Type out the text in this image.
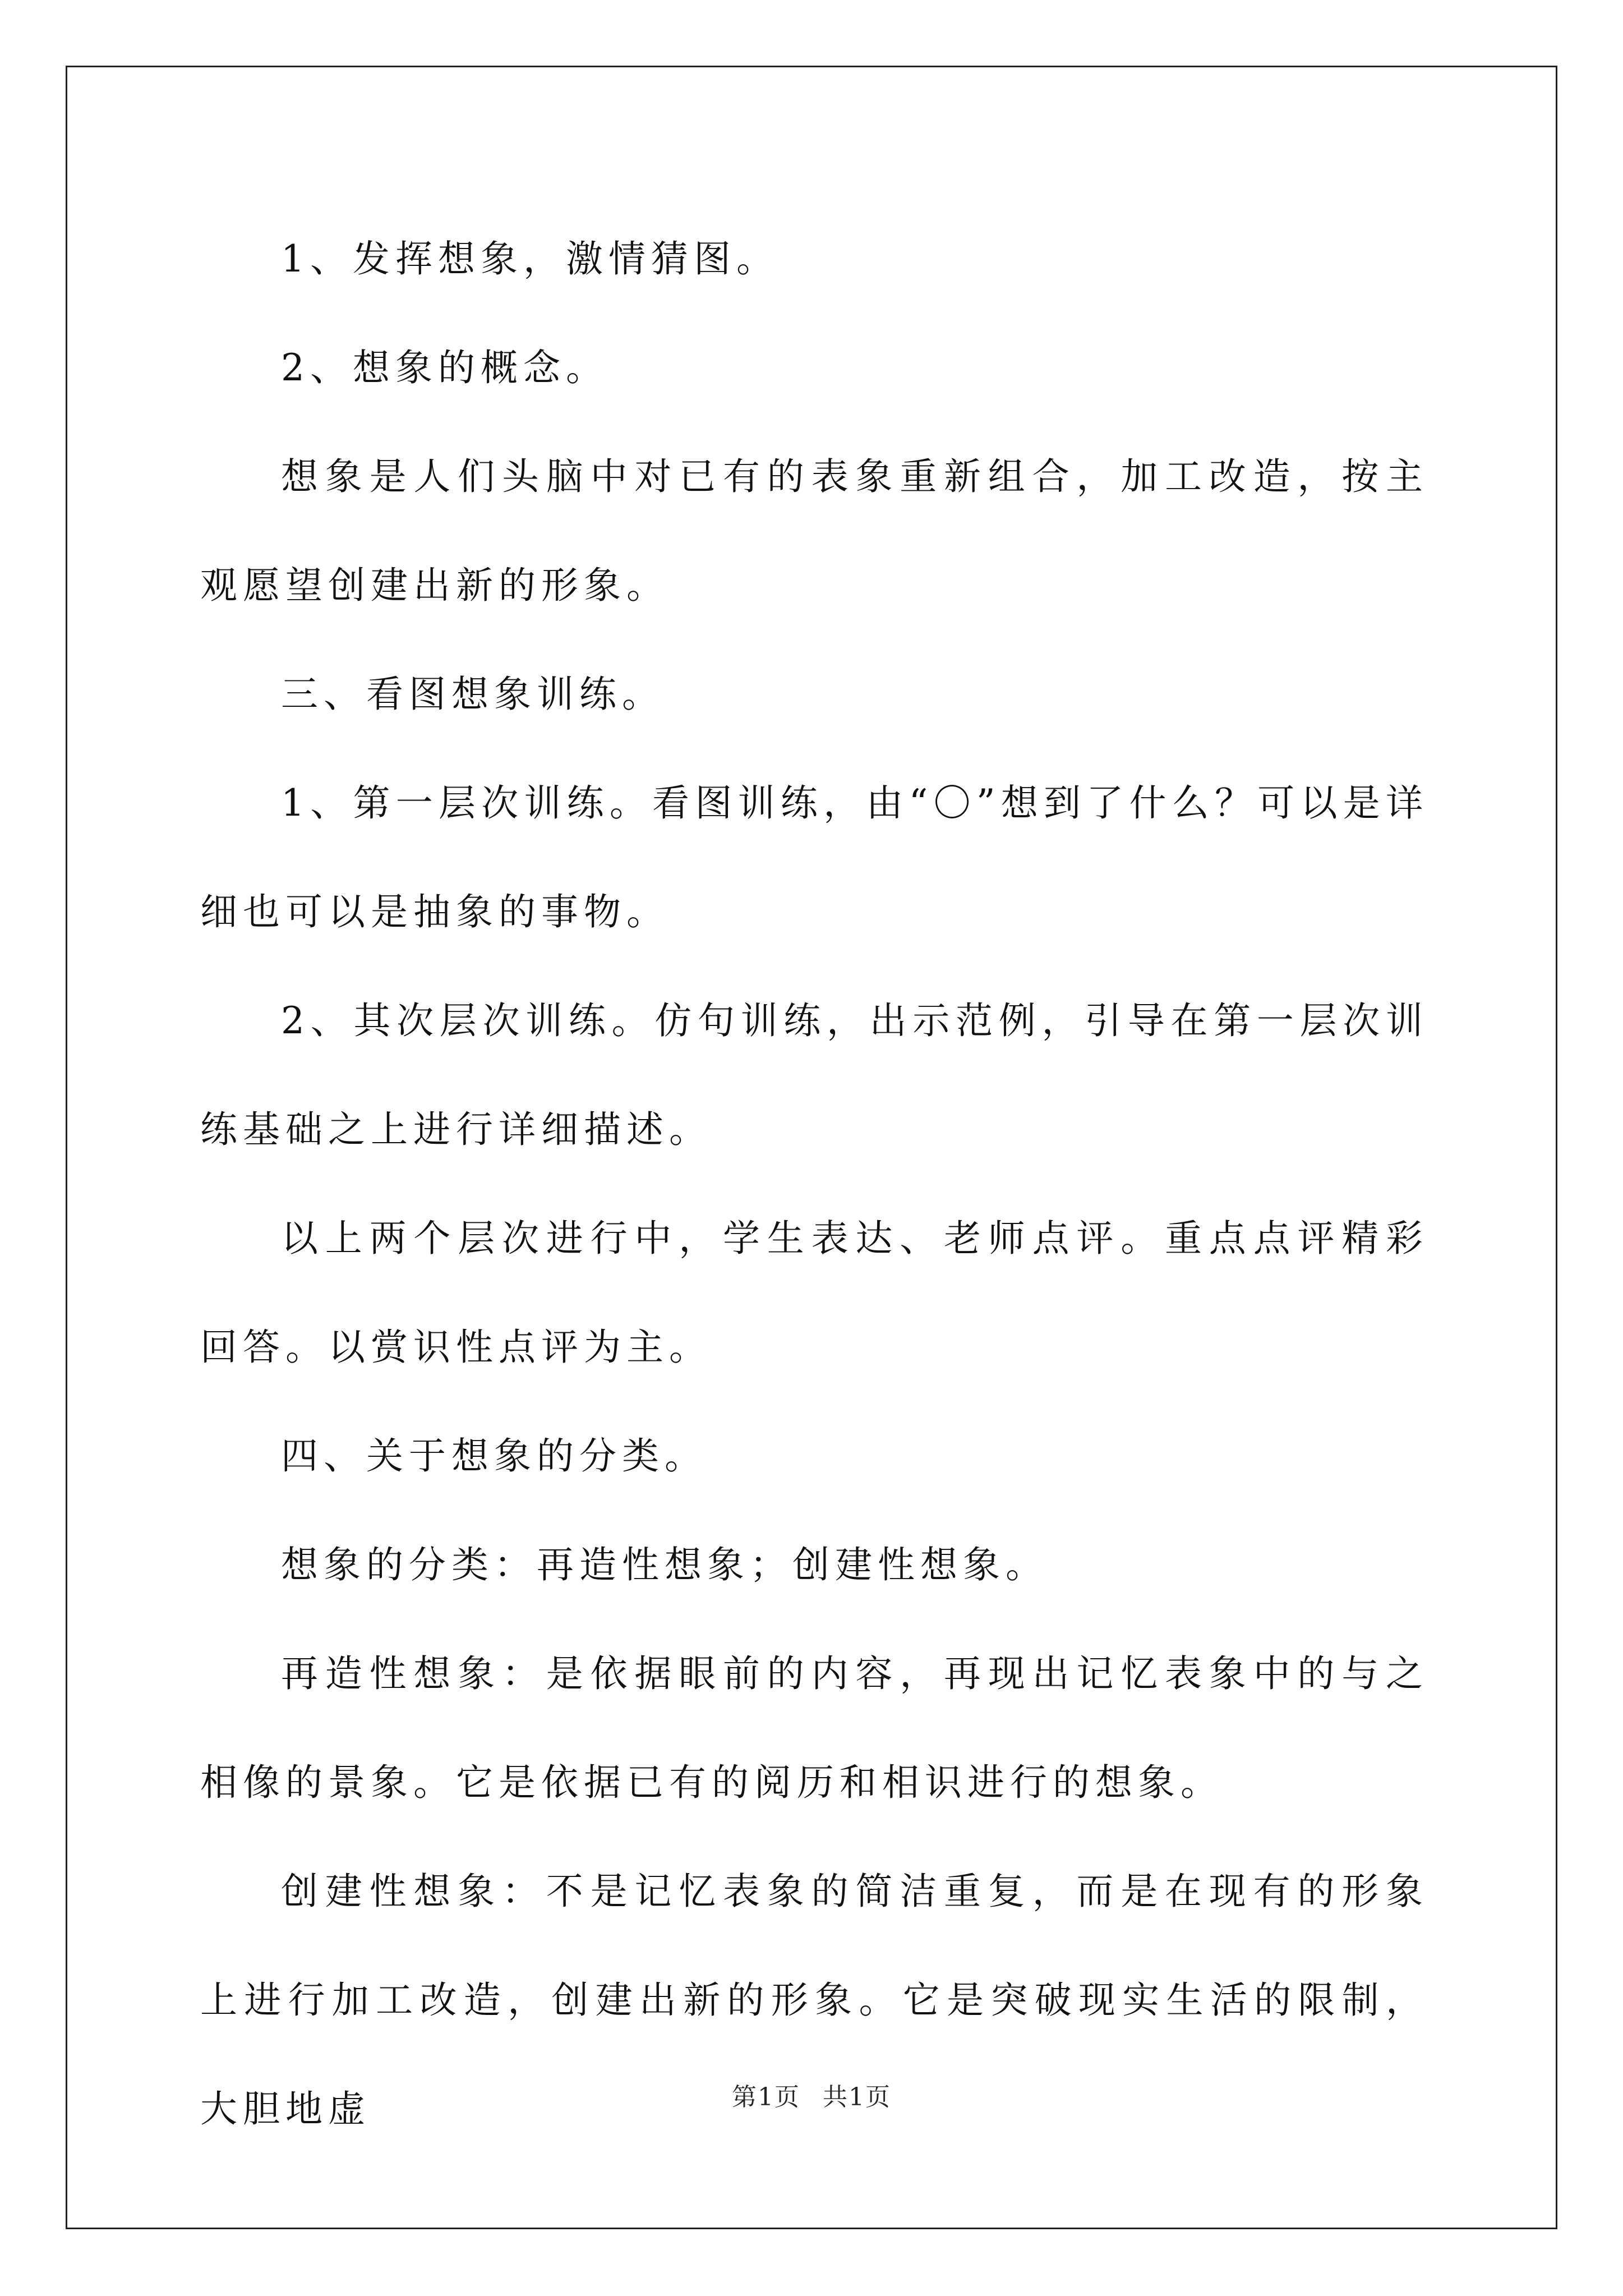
1、发挥想象，激情猜图。

2、想象的概念。

想象是人们头脑中对已有的表象重新组合，加工改造，按主观愿望创建出新的形象。

三、看图想象训练。

1、第一层次训练。看图训练，由“〇”想到了什么？可以是详细也可以是抽象的事物。

2、其次层次训练。仿句训练，出示范例，引导在第一层次训练基础之上进行详细描述。

以上两个层次进行中，学生表达、老师点评。重点点评精彩回答。以赏识性点评为主。

四、关于想象的分类。

想象的分类：再造性想象；创建性想象。

再造性想象：是依据眼前的内容，再现出记忆表象中的与之相像的景象。它是依据已有的阅历和相识进行的想象。

创建性想象：不是记忆表象的简洁重复，而是在现有的形象上进行加工改造，创建出新的形象。它是突破现实生活的限制，大胆地虚	第1页 共1页
